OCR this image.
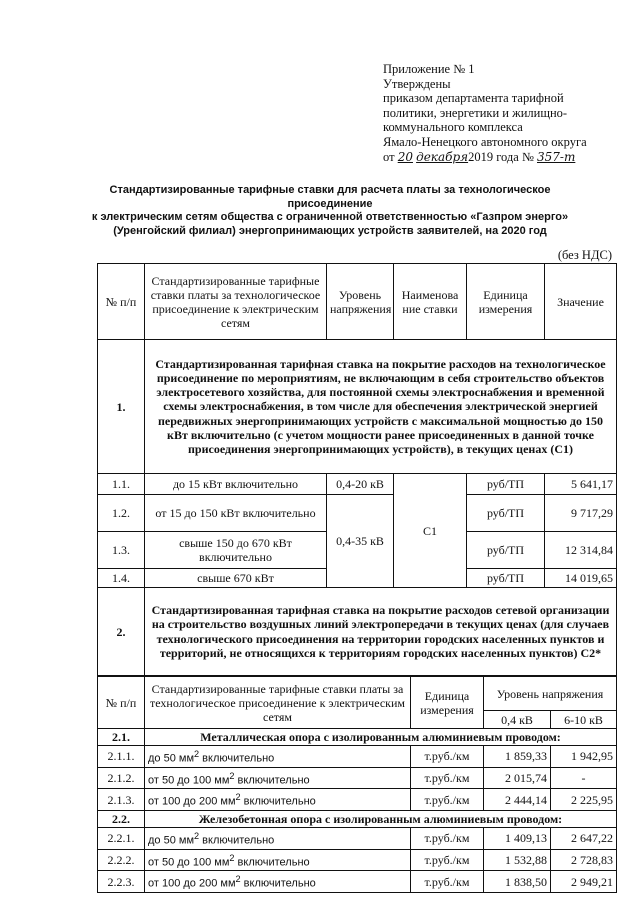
Приложение № 1
Утверждены
приказом департамента тарифной
политики, энергетики и жилищно-
коммунального комплекса
Ямало-Ненецкого автономного округа
от 20 декабря2019 года № 357-т
Стандартизированные тарифные ставки для расчета платы за технологическое присоединение
к электрическим сетям общества с ограниченной ответственностью «Газпром энерго»
(Уренгойский филиал) энергопринимающих устройств заявителей, на 2020 год
(без НДС)
№ п/п	Стандартизированные тарифные ставки платы за технологическое присоединение к электрическим сетям	Уровень напряжения	Наименова ние ставки	Единица измерения	Значение
1.	Стандартизированная тарифная ставка на покрытие расходов на технологическое присоединение по мероприятиям, не включающим в себя строительство объектов электросетевого хозяйства, для постоянной схемы электроснабжения и временной схемы электроснабжения, в том числе для обеспечения электрической энергией передвижных энергопринимающих устройств с максимальной мощностью до 150 кВт включительно (с учетом мощности ранее присоединенных в данной точке присоединения энергопринимающих устройств), в текущих ценах (С1)				
1.1.	до 15 кВт включительно	0,4-20 кВ	С1	руб/ТП	5 641,17
1.2.	от 15 до 150 кВт включительно	0,4-35 кВ		руб/ТП	9 717,29
1.3.	свыше 150 до 670 кВт включительно			руб/ТП	12 314,84
1.4.	свыше 670 кВт			руб/ТП	14 019,65
2.	Стандартизированная тарифная ставка на покрытие расходов сетевой организации на строительство воздушных линий электропередачи в текущих ценах (для случаев технологического присоединения на территории городских населенных пунктов и территорий, не относящихся к территориям городских населенных пунктов) С2*				
№ п/п	Стандартизированные тарифные ставки платы за технологическое присоединение к электрическим сетям	Единица измерения	Уровень напряжения	
			0,4 кВ	6-10 кВ
2.1.	Металлическая опора с изолированным алюминиевым проводом:			
2.1.1.	до 50 $мм^2$ включительно	т.руб./км	1 859,33	1 942,95
2.1.2.	от 50 до 100 $мм^2$ включительно	т.руб./км	2 015,74	-
2.1.3.	от 100 до 200 $мм^2$ включительно	т.руб./км	2 444,14	2 225,95
2.2.	Железобетонная опора с изолированным алюминиевым проводом:			
2.2.1.	до 50 $мм^2$ включительно	т.руб./км	1 409,13	2 647,22
2.2.2.	от 50 до 100 $мм^2$ включительно	т.руб./км	1 532,88	2 728,83
2.2.3.	от 100 до 200 $мм^2$ включительно	т.руб./км	1 838,50	2 949,21
